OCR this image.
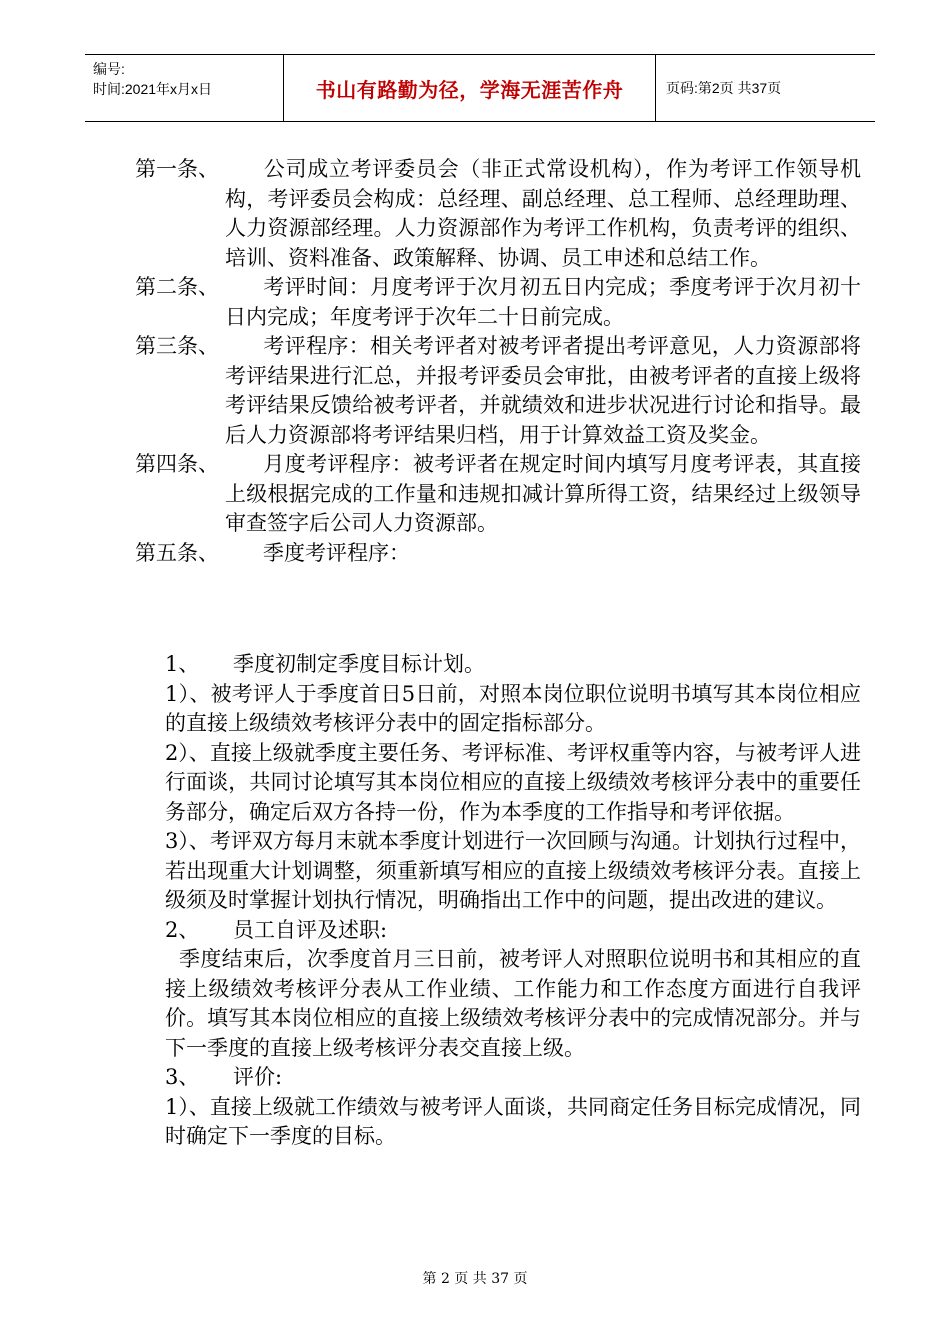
编号:
时间:2021年x月x日	书山有路勤为径，学海无涯苦作舟	页码:第2页 共37页
第一条、 公司成立考评委员会（非正式常设机构），作为考评工作领导机构，考评委员会构成：总经理、副总经理、总工程师、总经理助理、人力资源部经理。人力资源部作为考评工作机构，负责考评的组织、培训、资料准备、政策解释、协调、员工申述和总结工作。
第二条、 考评时间：月度考评于次月初五日内完成；季度考评于次月初十日内完成；年度考评于次年二十日前完成。
第三条、 考评程序：相关考评者对被考评者提出考评意见，人力资源部将考评结果进行汇总，并报考评委员会审批，由被考评者的直接上级将考评结果反馈给被考评者，并就绩效和进步状况进行讨论和指导。最后人力资源部将考评结果归档，用于计算效益工资及奖金。
第四条、 月度考评程序：被考评者在规定时间内填写月度考评表，其直接上级根据完成的工作量和违规扣减计算所得工资，结果经过上级领导审查签字后公司人力资源部。
第五条、 季度考评程序：

1、 季度初制定季度目标计划。

1）、被考评人于季度首日5日前，对照本岗位职位说明书填写其本岗位相应的直接上级绩效考核评分表中的固定指标部分。

2）、直接上级就季度主要任务、考评标准、考评权重等内容，与被考评人进行面谈，共同讨论填写其本岗位相应的直接上级绩效考核评分表中的重要任务部分，确定后双方各持一份，作为本季度的工作指导和考评依据。

3）、考评双方每月末就本季度计划进行一次回顾与沟通。计划执行过程中，若出现重大计划调整，须重新填写相应的直接上级绩效考核评分表。直接上级须及时掌握计划执行情况，明确指出工作中的问题，提出改进的建议。

2、 员工自评及述职:

季度结束后，次季度首月三日前，被考评人对照职位说明书和其相应的直接上级绩效考核评分表从工作业绩、工作能力和工作态度方面进行自我评价。填写其本岗位相应的直接上级绩效考核评分表中的完成情况部分。并与下一季度的直接上级考核评分表交直接上级。

3、 评价:

1）、直接上级就工作绩效与被考评人面谈，共同商定任务目标完成情况，同时确定下一季度的目标。

第 2 页 共 37 页
